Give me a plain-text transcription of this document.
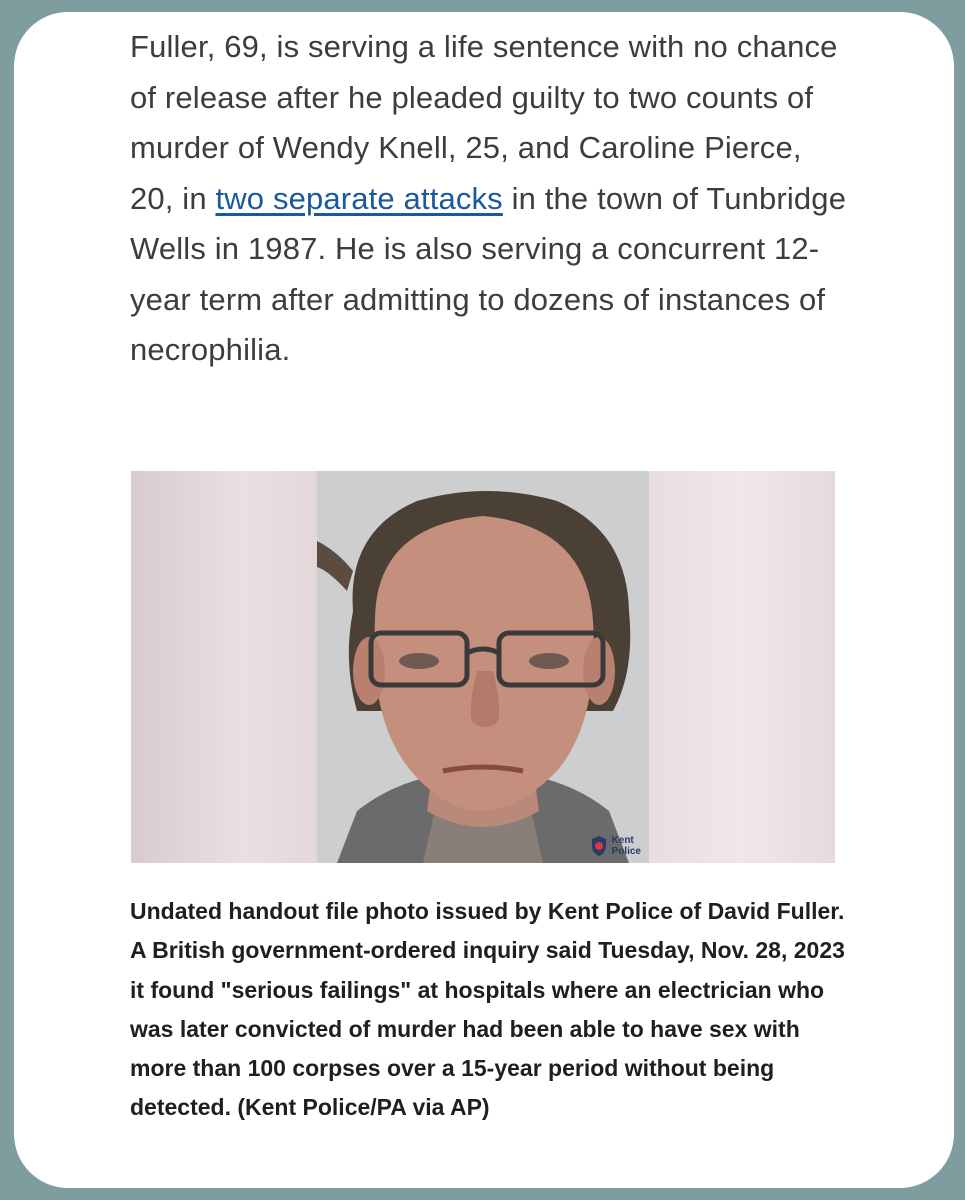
Fuller, 69, is serving a life sentence with no chance of release after he pleaded guilty to two counts of murder of Wendy Knell, 25, and Caroline Pierce, 20, in two separate attacks in the town of Tunbridge Wells in 1987. He is also serving a concurrent 12-year term after admitting to dozens of instances of necrophilia.

Kent
Police

Undated handout file photo issued by Kent Police of David Fuller. A British government-ordered inquiry said Tuesday, Nov. 28, 2023 it found "serious failings" at hospitals where an electrician who was later convicted of murder had been able to have sex with more than 100 corpses over a 15-year period without being detected. (Kent Police/PA via AP)
